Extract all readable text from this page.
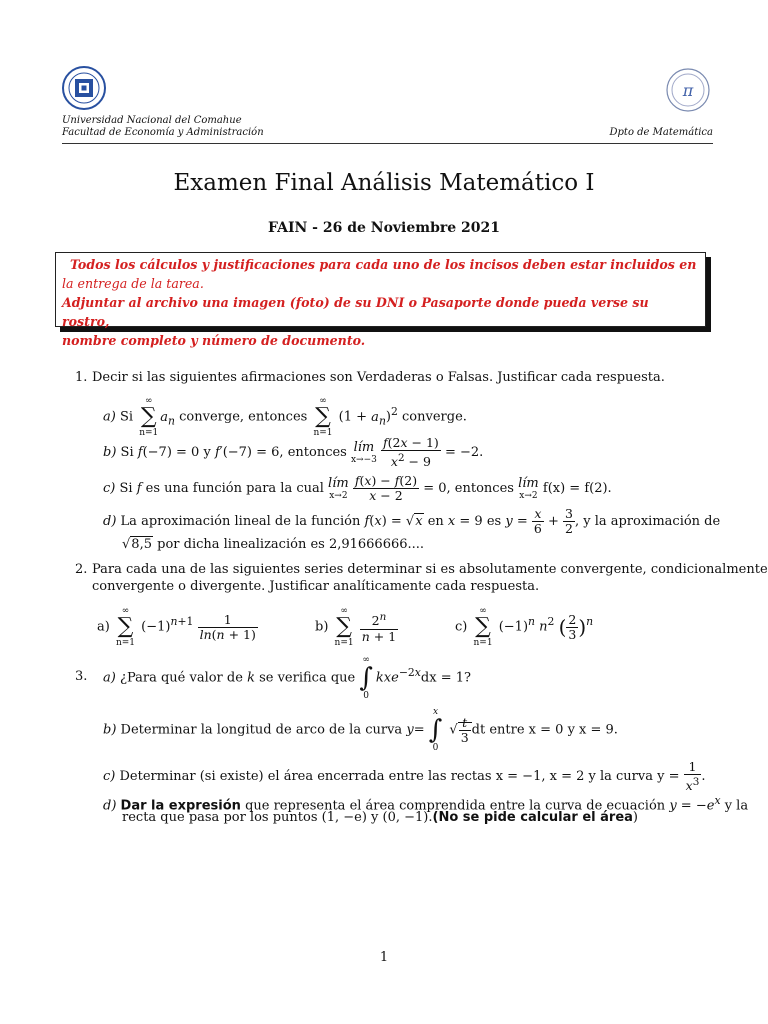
π
Universidad Nacional del Comahue
Facultad de Economía y Administración	Dpto de Matemática
Examen Final Análisis Matemático I
FAIN - 26 de Noviembre 2021

Todos los cálculos y justificaciones para cada uno de los incisos deben estar incluidos en

la entrega de la tarea.

Adjuntar al archivo una imagen (foto) de su DNI o Pasaporte donde pueda verse su rostro,

nombre completo y número de documento.

1. Decir si las siguientes afirmaciones son Verdaderas o Falsas. Justificar cada respuesta.
a) Si ∞
∑
$n=1a_n$ converge, entonces ∞
∑
n=1 $(1 + a_n)^2$ converge.
b) Si f(−7) = 0 y f′(−7) = 6, entonces lím
x→−3
$\frac{f(2x - 1)}{x^2 - 9} = -2$.
c) Si f es una función para la cual lím
x→2
$\frac{f(x) - f(2)}{x - 2} = 0$, entonces lím
x→2 f(x) = f(2).
d) La aproximación lineal de la función f(x) = √x en x = 9 es $y = \frac{x}{6} + \frac{3}{2}$ , y la aproximación de
√8,5 por dicha linealización es 2,91666666....
2. Para cada una de las siguientes series determinar si es absolutamente convergente, condicionalmente
convergente o divergente. Justificar analíticamente cada respuesta.
a) ∞
∑
n=1 $(-1)^{n+1} \frac{1}{\ln(n + 1)}$	b) ∞
∑
$n=1 \frac{2^n}{n + 1}$	c) ∞
∑
n=1 $(-1)^n$ $n^2$ ( $\frac{2}{3} )^n$
3. a) ¿Para qué valor de k se verifica que ∞
∫
0kxe$^{-2x}$dx = 1?
b) Determinar la longitud de arco de la curva y= x
∫
0 √ $\frac{t}{3}$ dt entre x = 0 y x = 9.
c) Determinar (si existe) el área encerrada entre las rectas x = −1, x = 2 y la curva $y = \frac{1}{x^3}$ .
d) Dar la expresión que representa el área comprendida entre la curva de ecuación $y = -e^x$ y la
recta que pasa por los puntos (1, −e) y (0, −1).(No se pide calcular el área)
1
